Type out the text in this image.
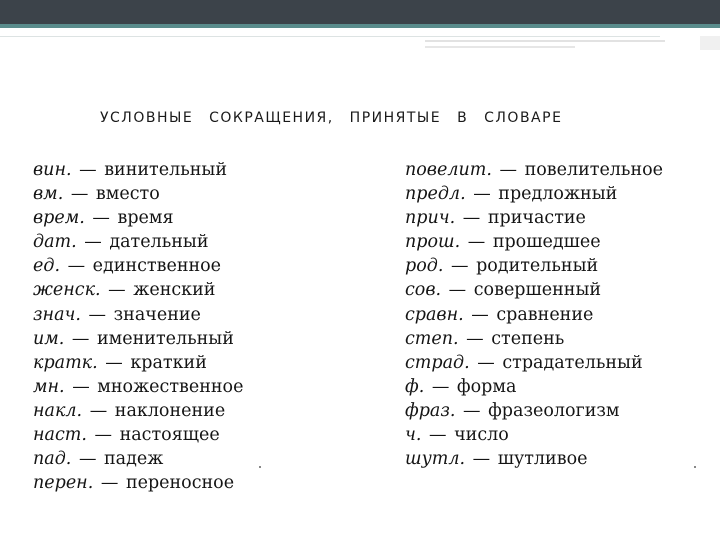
УСЛОВНЫЕ СОКРАЩЕНИЯ, ПРИНЯТЫЕ В СЛОВАРЕ
вин. — винительный
вм. — вместо
врем. — время
дат. — дательный
ед. — единственное
женск. — женский
знач. — значение
им. — именительный
кратк. — краткий
мн. — множественное
накл. — наклонение
наст. — настоящее
пад. — падеж
перен. — переносное
повелит. — повелительное
предл. — предложный
прич. — причастие
прош. — прошедшее
род. — родительный
сов. — совершенный
сравн. — сравнение
степ. — степень
страд. — страдательный
ф. — форма
фраз. — фразеологизм
ч. — число
шутл. — шутливое
